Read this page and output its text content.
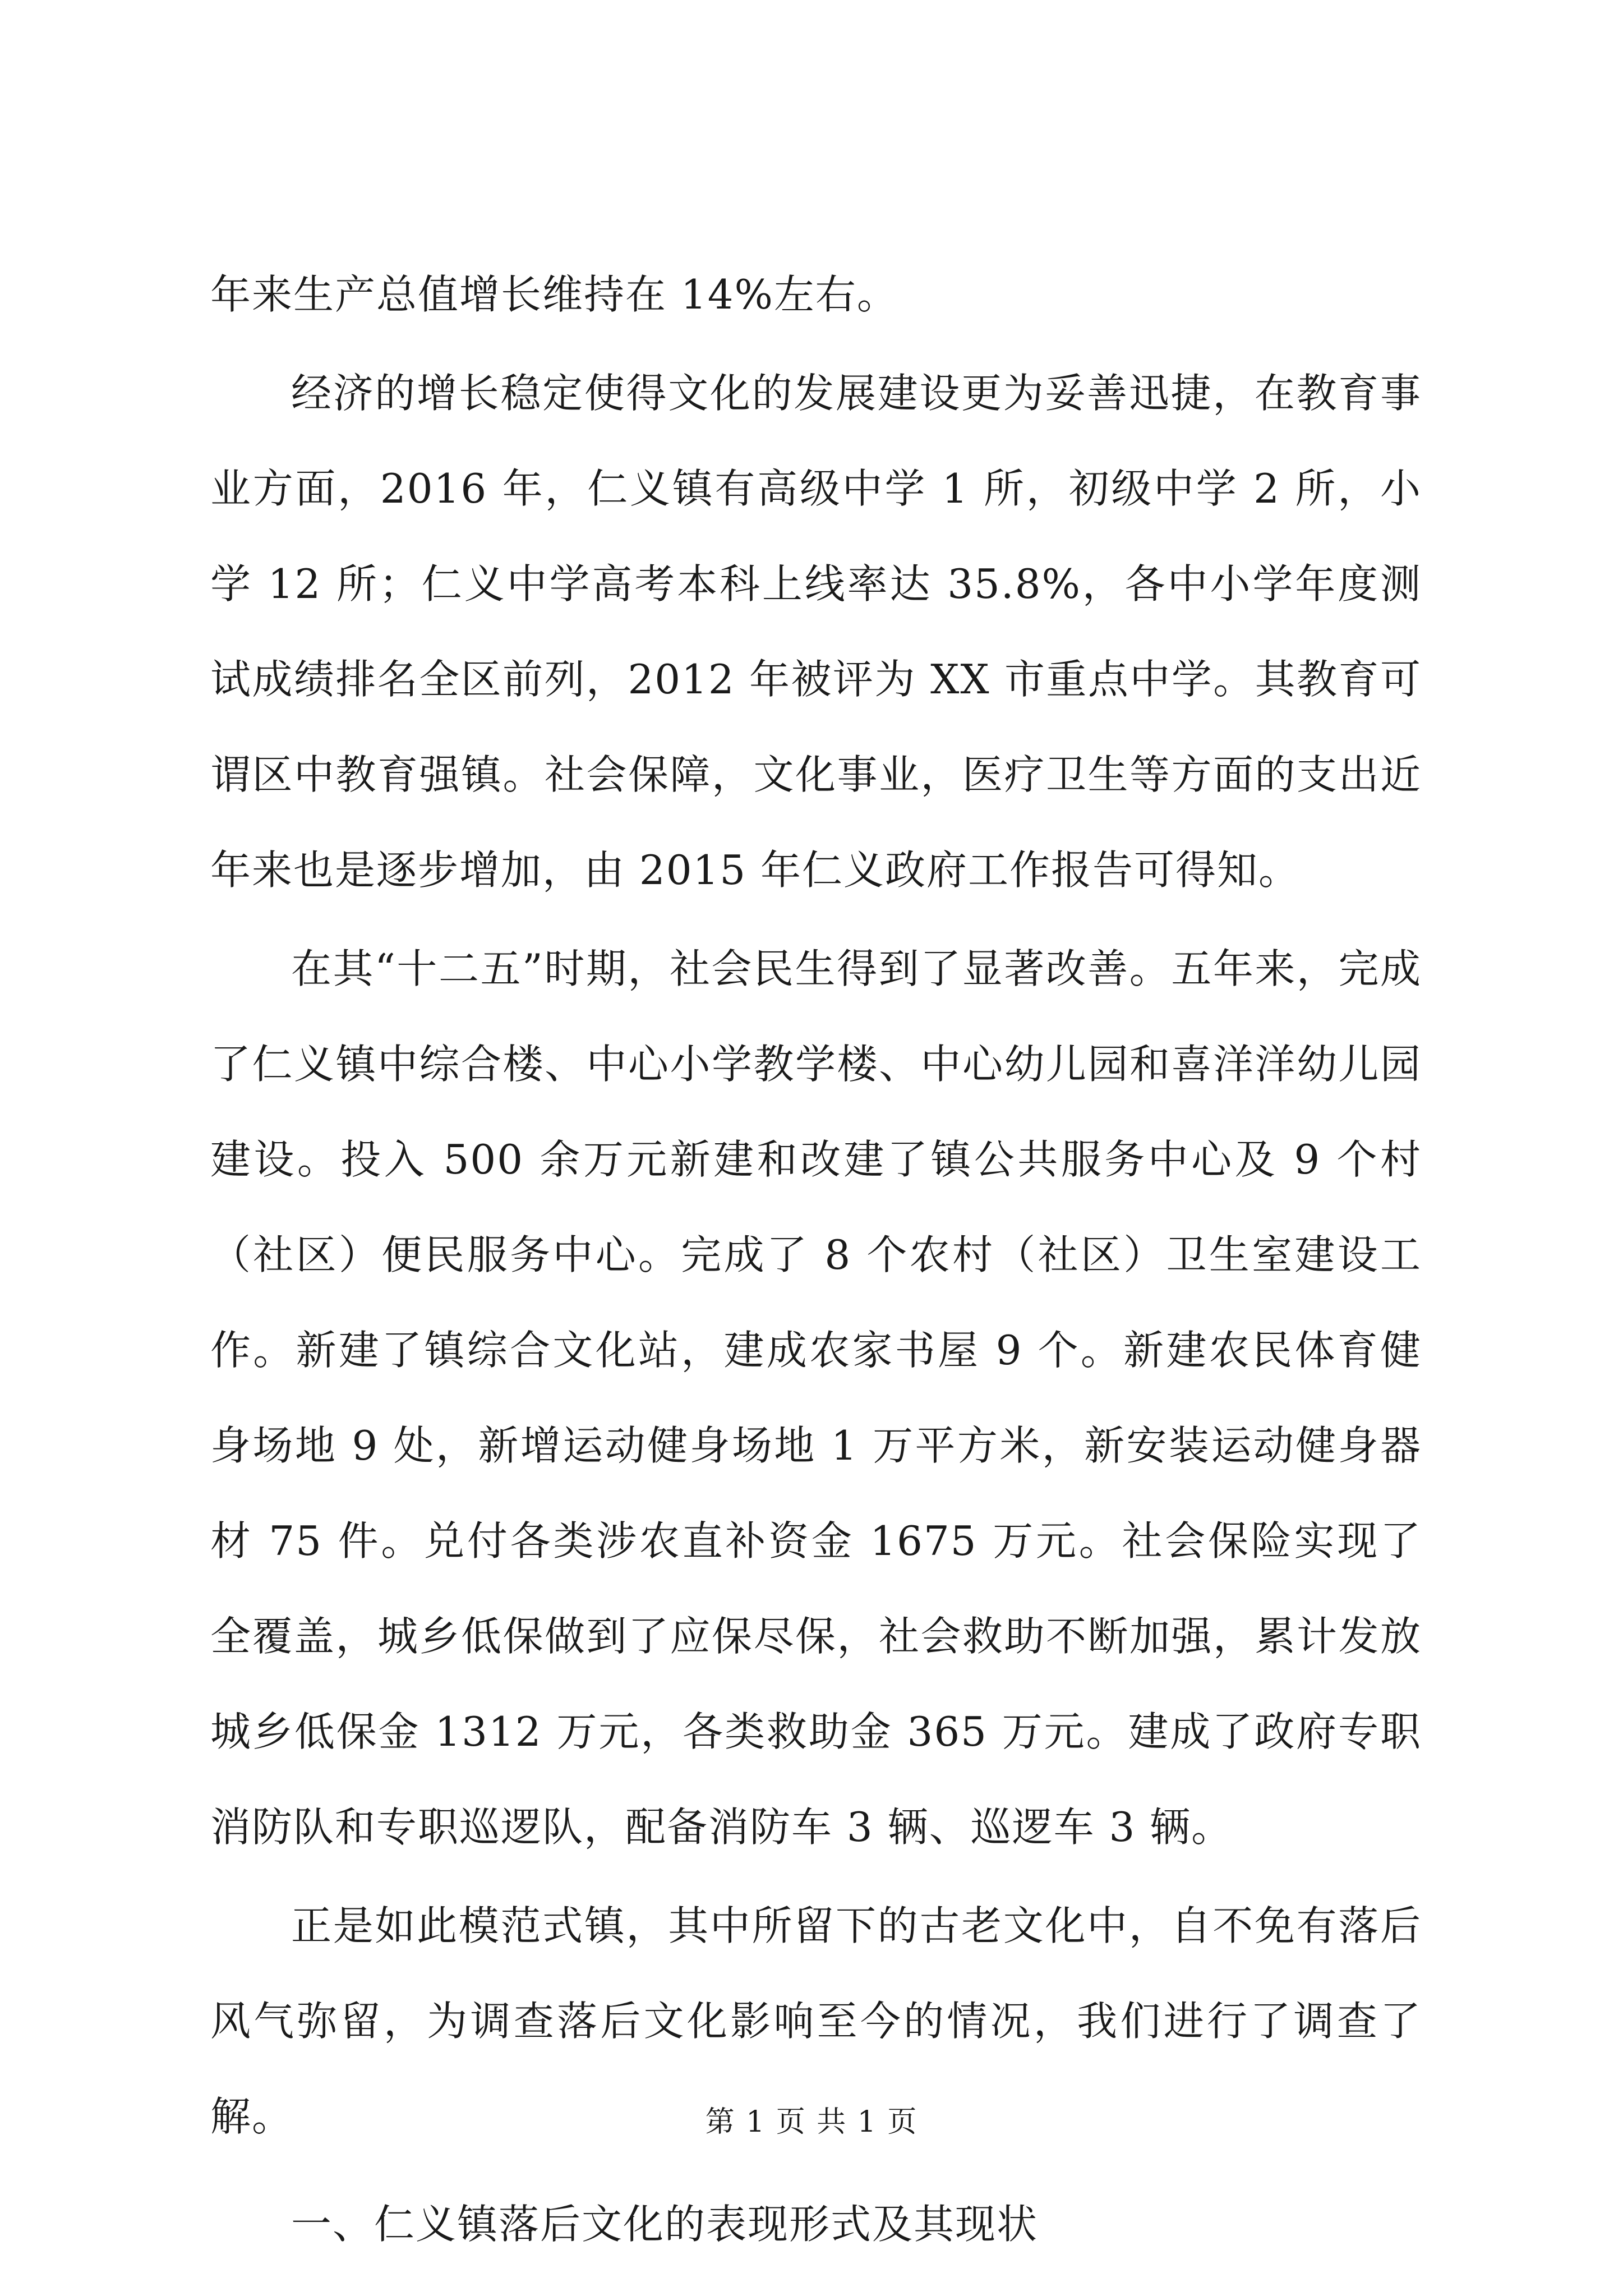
年来生产总值增长维持在 14%左右。

经济的增长稳定使得文化的发展建设更为妥善迅捷，在教育事业方面，2016 年，仁义镇有高级中学 1 所，初级中学 2 所，小学 12 所；仁义中学高考本科上线率达 35.8%，各中小学年度测试成绩排名全区前列，2012 年被评为 XX 市重点中学。其教育可谓区中教育强镇。社会保障，文化事业，医疗卫生等方面的支出近年来也是逐步增加，由 2015 年仁义政府工作报告可得知。

在其“十二五”时期，社会民生得到了显著改善。五年来，完成了仁义镇中综合楼、中心小学教学楼、中心幼儿园和喜洋洋幼儿园建设。投入 500 余万元新建和改建了镇公共服务中心及 9 个村（社区）便民服务中心。完成了 8 个农村（社区）卫生室建设工作。新建了镇综合文化站，建成农家书屋 9 个。新建农民体育健身场地 9 处，新增运动健身场地 1 万平方米，新安装运动健身器材 75 件。兑付各类涉农直补资金 1675 万元。社会保险实现了全覆盖，城乡低保做到了应保尽保，社会救助不断加强，累计发放城乡低保金 1312 万元，各类救助金 365 万元。建成了政府专职消防队和专职巡逻队，配备消防车 3 辆、巡逻车 3 辆。

正是如此模范式镇，其中所留下的古老文化中，自不免有落后风气弥留，为调查落后文化影响至今的情况，我们进行了调查了解。

一、仁义镇落后文化的表现形式及其现状

第 1 页 共 1 页
